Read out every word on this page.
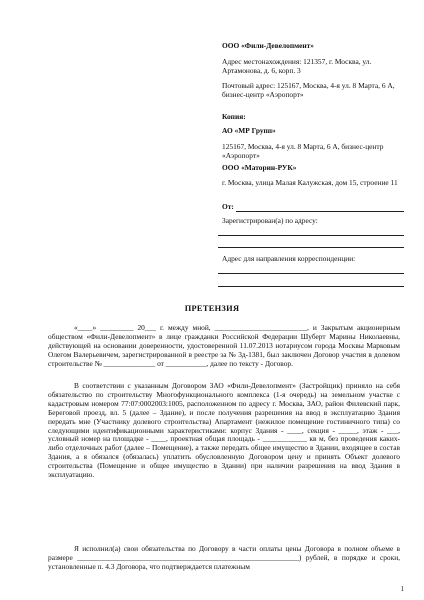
ООО «Фили-Девелопмент»
Адрес местонахождения: 121357, г. Москва, ул. Артамонова, д. 6, корп. 3
Почтовый адрес: 125167, Москва, 4-я ул. 8 Марта, 6 А, бизнес-центр «Аэропорт»
Копия:
АО «МР Групп»
125167, Москва, 4-я ул. 8 Марта, 6 А, бизнес-центр «Аэропорт»
ООО «Маторин-РУК»
г. Москва, улица Малая Калужская, дом 15, строение 11
От:
Зарегистрирован(а) по адресу:
Адрес для направления корреспонденции:
ПРЕТЕНЗИЯ
«____» _________ 20___ г. между мной, _________________________, и Закрытым акционерным обществом «Фили-Девелопмент» в лице гражданки Российской Федерации Шуберт Марины Николаевны, действующей на основании доверенности, удостоверенной 11.07.2013 нотариусом города Москвы Марковым Олегом Валерьевичем, зарегистрированной в реестре за № 3д-1381, был заключен Договор участия в долевом строительстве № ______________ от ___________, далее по тексту - Договор.
В соответствии с указанным Договором ЗАО «Фили-Девелопмент» (Застройщик) приняло на себя обязательство по строительству Многофункционального комплекса (1-я очередь) на земельном участке с кадастровым номером 77:07:0002003:1005, расположенном по адресу г. Москва, ЗАО, район Филевский парк, Береговой проезд, вл. 5 (далее – Здание), и после получения разрешения на ввод в эксплуатацию Здания передать мне (Участнику долевого строительства) Апартамент (нежилое помещение гостиничного типа) со следующими идентификационными характеристиками: корпус Здания - ____, секция - _____, этаж - ___, условный номер на площадке - ____, проектная общая площадь - ____________ кв м, без проведения каких-либо отделочных работ (далее – Помещение), а также передать общее имущество в Здании, входящее в состав Здания, а я обязался (обязалась) уплатить обусловленную Договором цену и принять Объект долевого строительства (Помещение и общее имущество в Здании) при наличии разрешения на ввод Здания в эксплуатацию.
Я исполнил(а) свои обязательства по Договору в части оплаты цены Договора в полном объеме в размере ____________________________________________________________) рублей, в порядке и сроки, установленные п. 4.3 Договора, что подтверждается платежным
1
